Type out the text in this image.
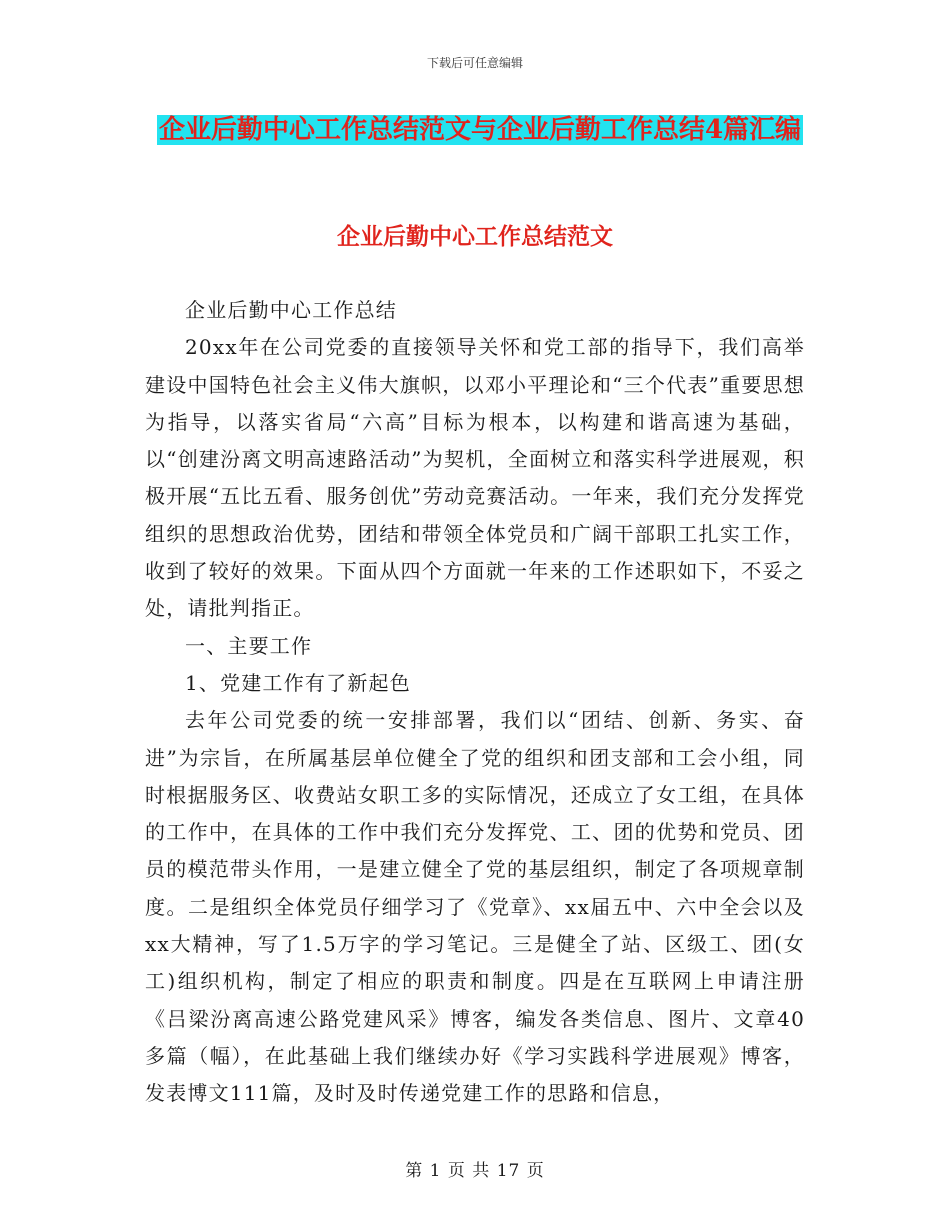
下载后可任意编辑
企业后勤中心工作总结范文与企业后勤工作总结4篇汇编
企业后勤中心工作总结范文

企业后勤中心工作总结

20xx年在公司党委的直接领导关怀和党工部的指导下，我们高举建设中国特色社会主义伟大旗帜，以邓小平理论和“三个代表”重要思想为指导，以落实省局“六高”目标为根本，以构建和谐高速为基础，以“创建汾离文明高速路活动”为契机，全面树立和落实科学进展观，积极开展“五比五看、服务创优”劳动竞赛活动。一年来，我们充分发挥党组织的思想政治优势，团结和带领全体党员和广阔干部职工扎实工作，收到了较好的效果。下面从四个方面就一年来的工作述职如下，不妥之处，请批判指正。

一、主要工作

1、党建工作有了新起色

去年公司党委的统一安排部署，我们以“团结、创新、务实、奋进”为宗旨，在所属基层单位健全了党的组织和团支部和工会小组，同时根据服务区、收费站女职工多的实际情况，还成立了女工组，在具体的工作中，在具体的工作中我们充分发挥党、工、团的优势和党员、团员的模范带头作用，一是建立健全了党的基层组织，制定了各项规章制度。二是组织全体党员仔细学习了《党章》、xx届五中、六中全会以及xx大精神，写了1.5万字的学习笔记。三是健全了站、区级工、团(女工)组织机构，制定了相应的职责和制度。四是在互联网上申请注册《吕梁汾离高速公路党建风采》博客，编发各类信息、图片、文章40多篇（幅），在此基础上我们继续办好《学习实践科学进展观》博客，发表博文111篇，及时及时传递党建工作的思路和信息，

第 1 页 共 17 页
